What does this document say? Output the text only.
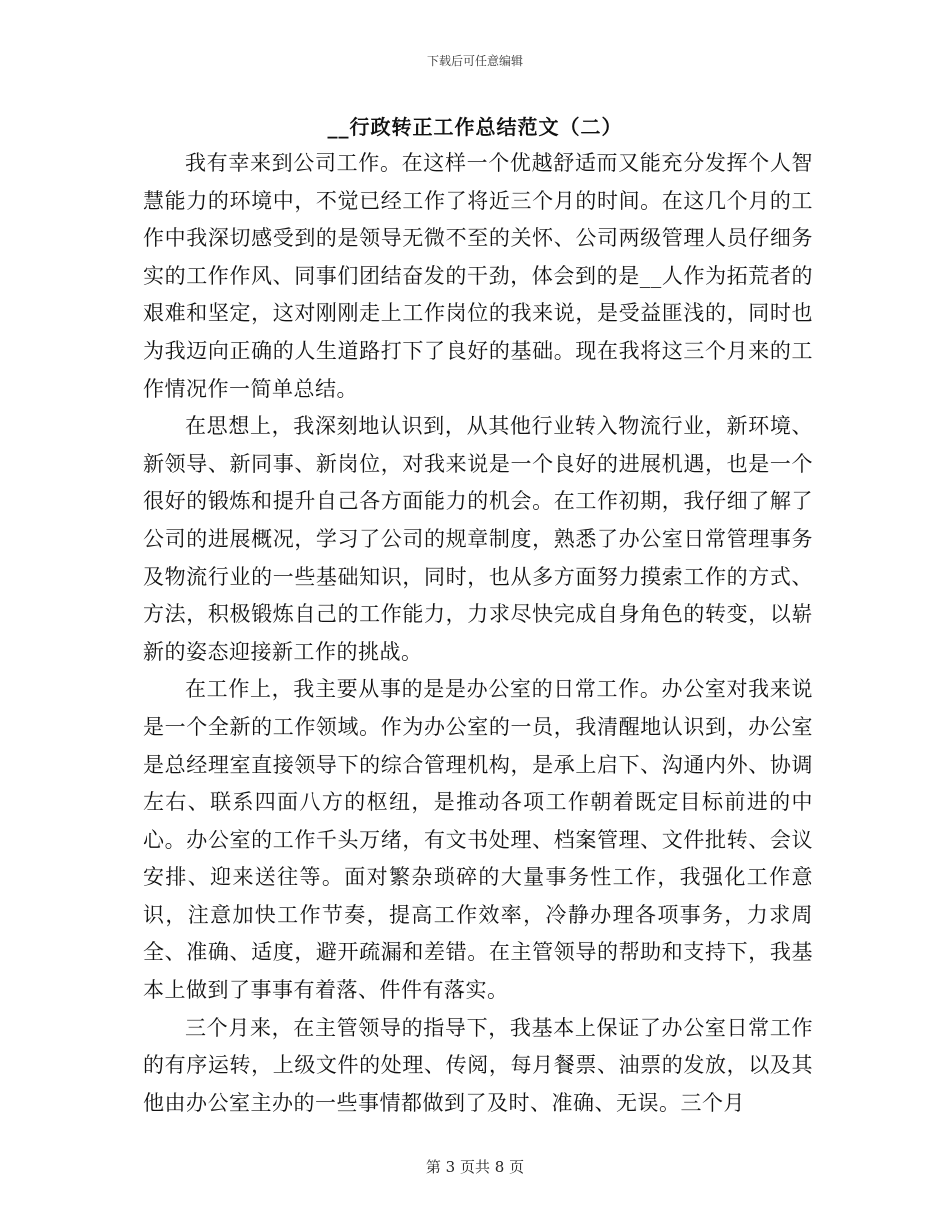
下载后可任意编辑
__行政转正工作总结范文（二）

我有幸来到公司工作。在这样一个优越舒适而又能充分发挥个人智慧能力的环境中，不觉已经工作了将近三个月的时间。在这几个月的工作中我深切感受到的是领导无微不至的关怀、公司两级管理人员仔细务实的工作作风、同事们团结奋发的干劲，体会到的是__人作为拓荒者的艰难和坚定，这对刚刚走上工作岗位的我来说，是受益匪浅的，同时也为我迈向正确的人生道路打下了良好的基础。现在我将这三个月来的工作情况作一简单总结。

在思想上，我深刻地认识到，从其他行业转入物流行业，新环境、新领导、新同事、新岗位，对我来说是一个良好的进展机遇，也是一个很好的锻炼和提升自己各方面能力的机会。在工作初期，我仔细了解了公司的进展概况，学习了公司的规章制度，熟悉了办公室日常管理事务及物流行业的一些基础知识，同时，也从多方面努力摸索工作的方式、方法，积极锻炼自己的工作能力，力求尽快完成自身角色的转变，以崭新的姿态迎接新工作的挑战。

在工作上，我主要从事的是是办公室的日常工作。办公室对我来说是一个全新的工作领域。作为办公室的一员，我清醒地认识到，办公室是总经理室直接领导下的综合管理机构，是承上启下、沟通内外、协调左右、联系四面八方的枢纽，是推动各项工作朝着既定目标前进的中心。办公室的工作千头万绪，有文书处理、档案管理、文件批转、会议安排、迎来送往等。面对繁杂琐碎的大量事务性工作，我强化工作意识，注意加快工作节奏，提高工作效率，冷静办理各项事务，力求周全、准确、适度，避开疏漏和差错。在主管领导的帮助和支持下，我基本上做到了事事有着落、件件有落实。

三个月来，在主管领导的指导下，我基本上保证了办公室日常工作的有序运转，上级文件的处理、传阅，每月餐票、油票的发放，以及其他由办公室主办的一些事情都做到了及时、准确、无误。三个月

第 3 页共 8 页
